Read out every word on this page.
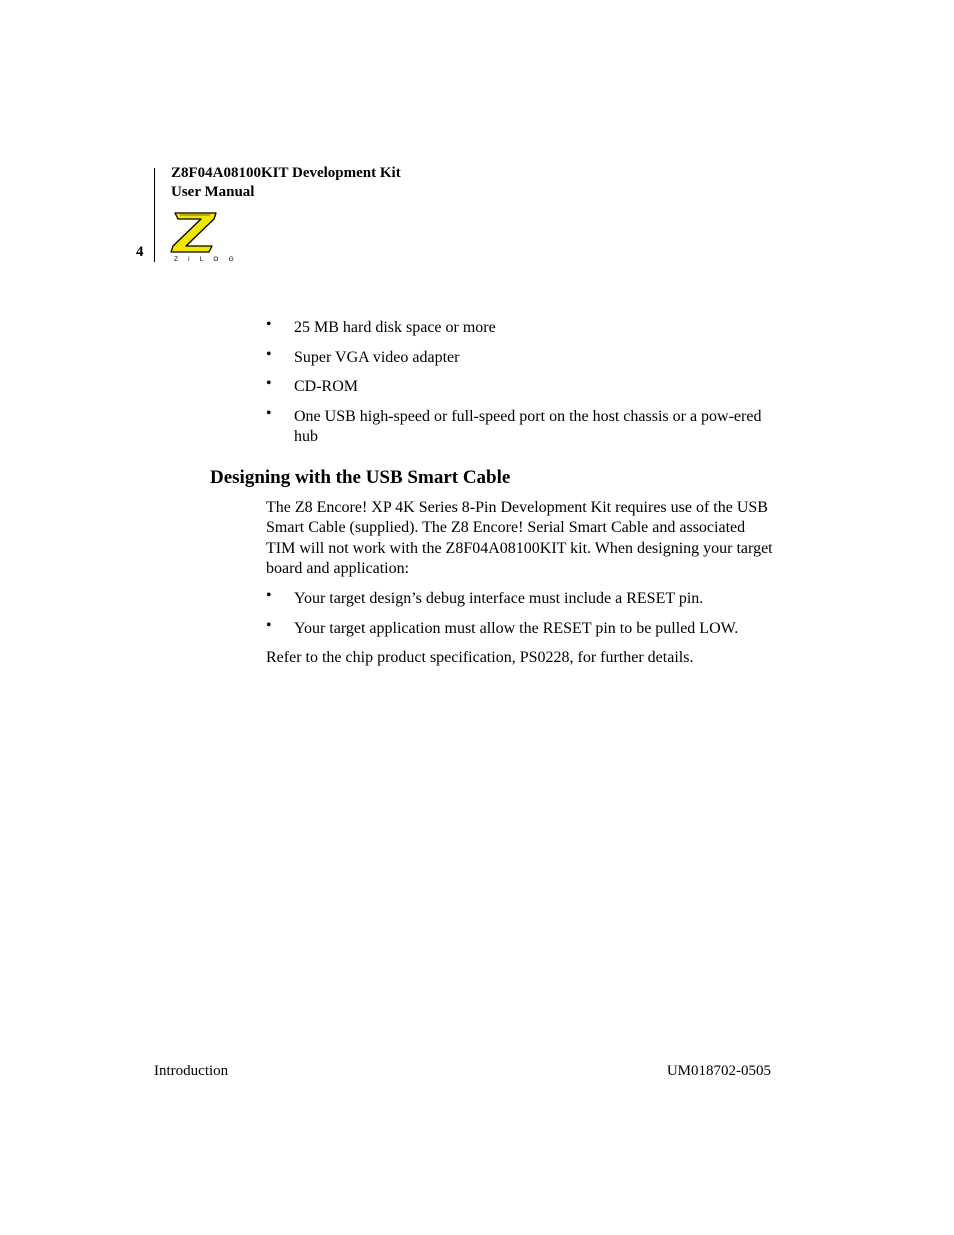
4
Z8F04A08100KIT Development Kit
User Manual
Z i L O G
• 25 MB hard disk space or more
• Super VGA video adapter
• CD-ROM
• One USB high-speed or full-speed port on the host chassis or a pow-ered hub
Designing with the USB Smart Cable

The Z8 Encore! XP 4K Series 8-Pin Development Kit requires use of the USB Smart Cable (supplied). The Z8 Encore! Serial Smart Cable and associated TIM will not work with the Z8F04A08100KIT kit. When designing your target board and application:

• Your target design’s debug interface must include a RESET pin.
• Your target application must allow the RESET pin to be pulled LOW.

Refer to the chip product specification, PS0228, for further details.

Introduction	UM018702-0505
